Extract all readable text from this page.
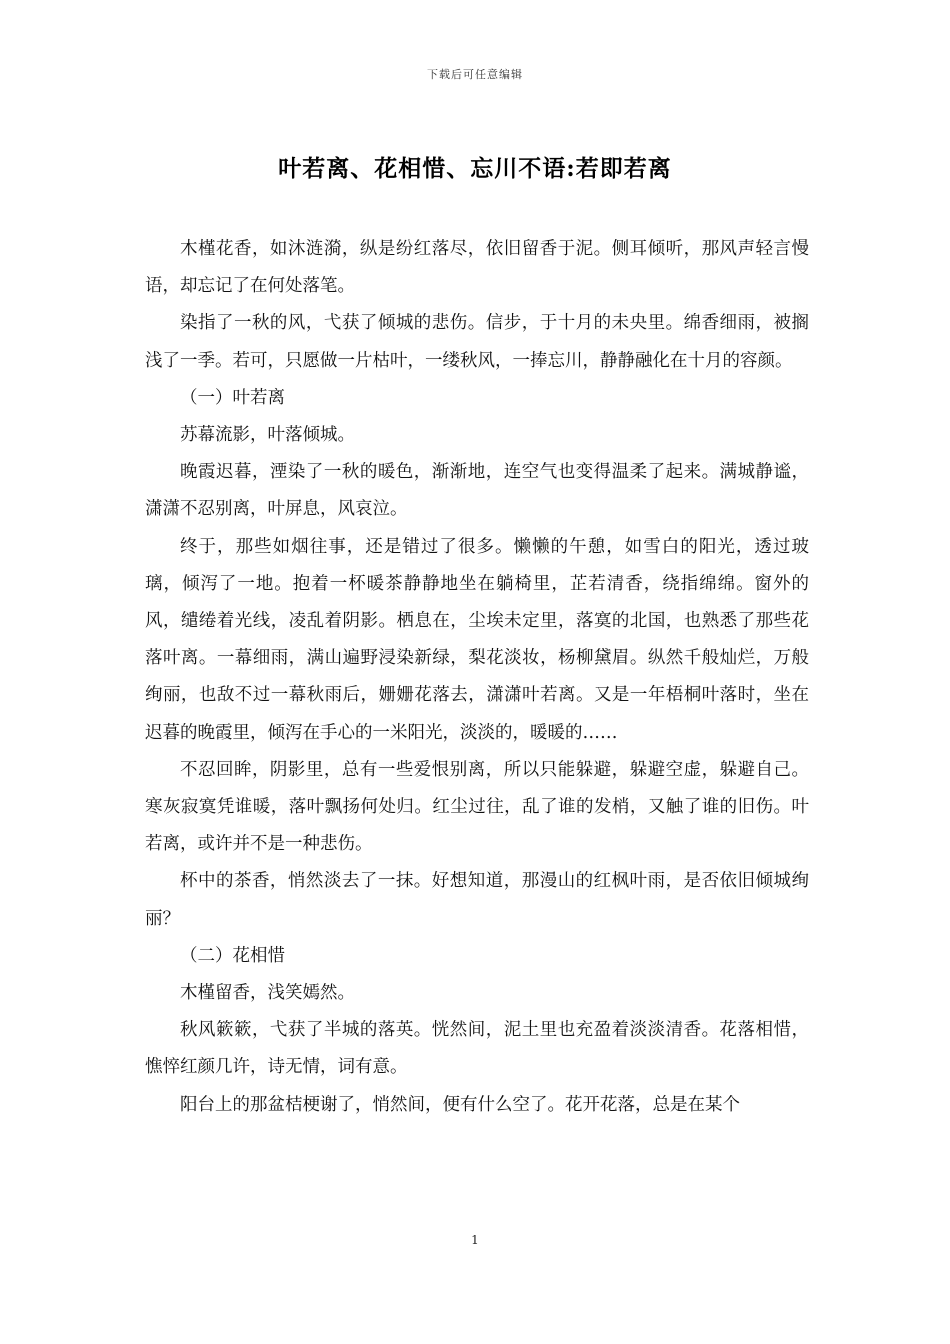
下载后可任意编辑
叶若离、花相惜、忘川不语:若即若离

木槿花香，如沐涟漪，纵是纷红落尽，依旧留香于泥。侧耳倾听，那风声轻言慢语，却忘记了在何处落笔。

染指了一秋的风，弋获了倾城的悲伤。信步，于十月的未央里。绵香细雨，被搁浅了一季。若可，只愿做一片枯叶，一缕秋风，一捧忘川，静静融化在十月的容颜。

（一）叶若离

苏幕流影，叶落倾城。

晚霞迟暮，湮染了一秋的暖色，渐渐地，连空气也变得温柔了起来。满城静谧，潇潇不忍别离，叶屏息，风哀泣。

终于，那些如烟往事，还是错过了很多。懒懒的午憩，如雪白的阳光，透过玻璃，倾泻了一地。抱着一杯暖茶静静地坐在躺椅里，芷若清香，绕指绵绵。窗外的风，缱绻着光线，凌乱着阴影。栖息在，尘埃未定里，落寞的北国，也熟悉了那些花落叶离。一幕细雨，满山遍野浸染新绿，梨花淡妆，杨柳黛眉。纵然千般灿烂，万般绚丽，也敌不过一幕秋雨后，姗姗花落去，潇潇叶若离。又是一年梧桐叶落时，坐在迟暮的晚霞里，倾泻在手心的一米阳光，淡淡的，暖暖的……

不忍回眸，阴影里，总有一些爱恨别离，所以只能躲避，躲避空虚，躲避自己。寒灰寂寞凭谁暖，落叶飘扬何处归。红尘过往，乱了谁的发梢，又触了谁的旧伤。叶若离，或许并不是一种悲伤。

杯中的茶香，悄然淡去了一抹。好想知道，那漫山的红枫叶雨，是否依旧倾城绚丽？

（二）花相惜

木槿留香，浅笑嫣然。

秋风簌簌，弋获了半城的落英。恍然间，泥土里也充盈着淡淡清香。花落相惜，憔悴红颜几许，诗无情，词有意。

阳台上的那盆桔梗谢了，悄然间，便有什么空了。花开花落，总是在某个

1
